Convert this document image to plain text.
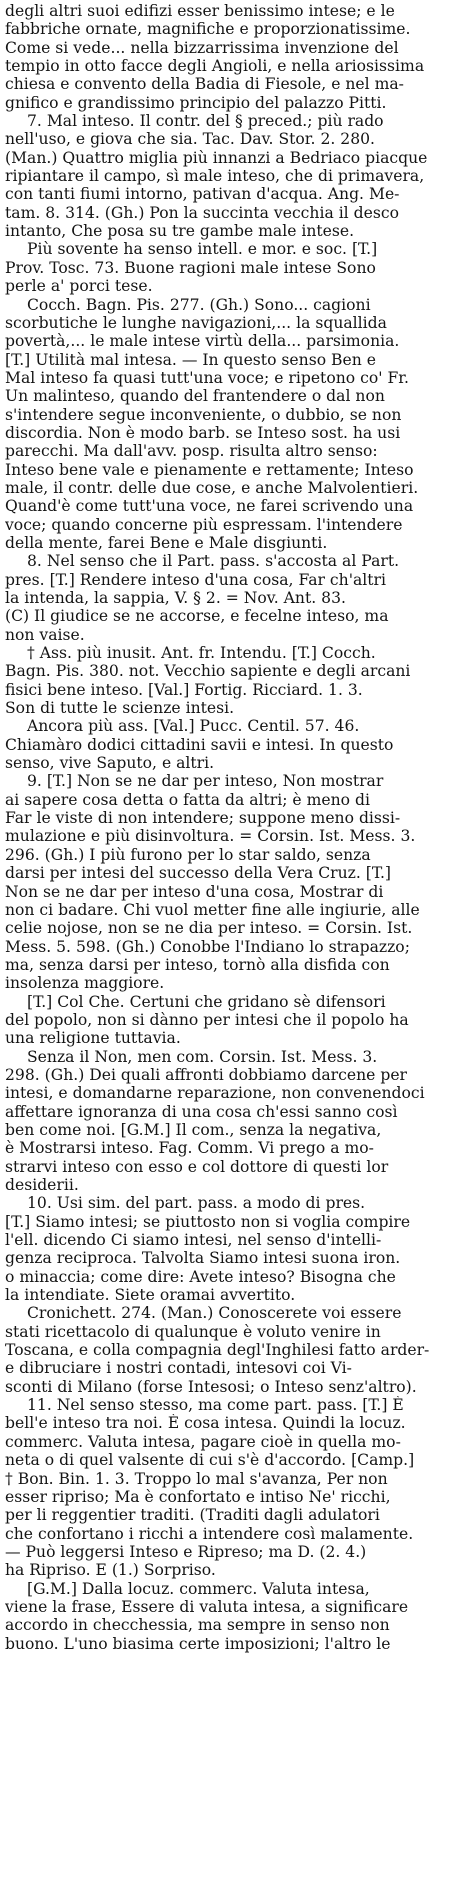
degli altri suoi edifizi esser benissimo intese; e le
fabbriche ornate, magnifiche e proporzionatissime.
Come si vede... nella bizzarrissima invenzione del
tempio in otto facce degli Angioli, e nella ariosissima
chiesa e convento della Badia di Fiesole, e nel ma-
gnifico e grandissimo principio del palazzo Pitti.
7. Mal inteso. Il contr. del § preced.; più rado
nell'uso, e giova che sia. Tac. Dav. Stor. 2. 280.
(Man.) Quattro miglia più innanzi a Bedriaco piacque
ripiantare il campo, sì male inteso, che di primavera,
con tanti fiumi intorno, pativan d'acqua. Ang. Me-
tam. 8. 314. (Gh.) Pon la succinta vecchia il desco
intanto, Che posa su tre gambe male intese.
Più sovente ha senso intell. e mor. e soc. [T.]
Prov. Tosc. 73. Buone ragioni male intese Sono
perle a' porci tese.
Cocch. Bagn. Pis. 277. (Gh.) Sono... cagioni
scorbutiche le lunghe navigazioni,... la squallida
povertà,... le male intese virtù della... parsimonia.
[T.] Utilità mal intesa. — In questo senso Ben e
Mal inteso fa quasi tutt'una voce; e ripetono co' Fr.
Un malinteso, quando del frantendere o dal non
s'intendere segue inconveniente, o dubbio, se non
discordia. Non è modo barb. se Inteso sost. ha usi
parecchi. Ma dall'avv. posp. risulta altro senso:
Inteso bene vale e pienamente e rettamente; Inteso
male, il contr. delle due cose, e anche Malvolentieri.
Quand'è come tutt'una voce, ne farei scrivendo una
voce; quando concerne più espressam. l'intendere
della mente, farei Bene e Male disgiunti.
8. Nel senso che il Part. pass. s'accosta al Part.
pres. [T.] Rendere inteso d'una cosa, Far ch'altri
la intenda, la sappia, V. § 2. = Nov. Ant. 83.
(C) Il giudice se ne accorse, e fecelne inteso, ma
non vaise.
† Ass. più inusit. Ant. fr. Intendu. [T.] Cocch.
Bagn. Pis. 380. not. Vecchio sapiente e degli arcani
fisici bene inteso. [Val.] Fortig. Ricciard. 1. 3.
Son di tutte le scienze intesi.
Ancora più ass. [Val.] Pucc. Centil. 57. 46.
Chiamàro dodici cittadini savii e intesi. In questo
senso, vive Saputo, e altri.
9. [T.] Non se ne dar per inteso, Non mostrar
ai sapere cosa detta o fatta da altri; è meno di
Far le viste di non intendere; suppone meno dissi-
mulazione e più disinvoltura. = Corsin. Ist. Mess. 3.
296. (Gh.) I più furono per lo star saldo, senza
darsi per intesi del successo della Vera Cruz. [T.]
Non se ne dar per inteso d'una cosa, Mostrar di
non ci badare. Chi vuol metter fine alle ingiurie, alle
celie nojose, non se ne dia per inteso. = Corsin. Ist.
Mess. 5. 598. (Gh.) Conobbe l'Indiano lo strapazzo;
ma, senza darsi per inteso, tornò alla disfida con
insolenza maggiore.
[T.] Col Che. Certuni che gridano sè difensori
del popolo, non si dànno per intesi che il popolo ha
una religione tuttavia.
Senza il Non, men com. Corsin. Ist. Mess. 3.
298. (Gh.) Dei quali affronti dobbiamo darcene per
intesi, e domandarne reparazione, non convenendoci
affettare ignoranza di una cosa ch'essi sanno così
ben come noi. [G.M.] Il com., senza la negativa,
è Mostrarsi inteso. Fag. Comm. Vi prego a mo-
strarvi inteso con esso e col dottore di questi lor
desiderii.
10. Usi sim. del part. pass. a modo di pres.
[T.] Siamo intesi; se piuttosto non si voglia compire
l'ell. dicendo Ci siamo intesi, nel senso d'intelli-
genza reciproca. Talvolta Siamo intesi suona iron.
o minaccia; come dire: Avete inteso? Bisogna che
la intendiate. Siete oramai avvertito.
Cronichett. 274. (Man.) Conoscerete voi essere
stati ricettacolo di qualunque è voluto venire in
Toscana, e colla compagnia degl'Inghilesi fatto arder-
e dibruciare i nostri contadi, intesovi coi Vi-
sconti di Milano (forse Intesosi; o Inteso senz'altro).
11. Nel senso stesso, ma come part. pass. [T.] È
bell'e inteso tra noi. È cosa intesa. Quindi la locuz.
commerc. Valuta intesa, pagare cioè in quella mo-
neta o di quel valsente di cui s'è d'accordo. [Camp.]
† Bon. Bin. 1. 3. Troppo lo mal s'avanza, Per non
esser ripriso; Ma è confortato e intiso Ne' ricchi,
per li reggentier traditi. (Traditi dagli adulatori
che confortano i ricchi a intendere così malamente.
— Può leggersi Inteso e Ripreso; ma D. (2. 4.)
ha Ripriso. E (1.) Sorpriso.
[G.M.] Dalla locuz. commerc. Valuta intesa,
viene la frase, Essere di valuta intesa, a significare
accordo in checchessia, ma sempre in senso non
buono. L'uno biasima certe imposizioni; l'altro le
